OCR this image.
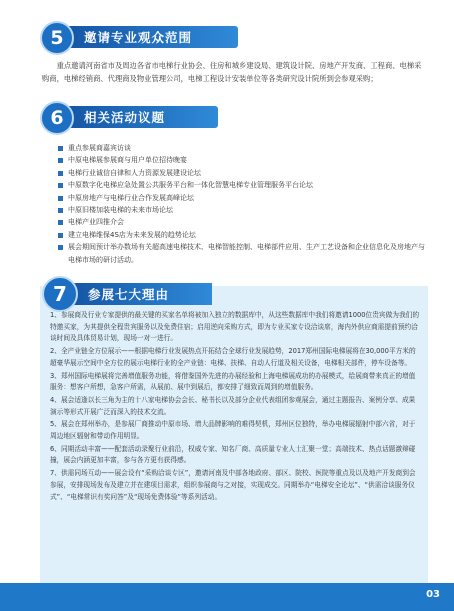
5	邀请专业观众范围
重点邀请河南省市及周边各省市电梯行业协会、住房和城乡建设局、建筑设计院、房地产开发商、工程商、电梯采购商，电梯经销商、代理商及物业管理公司，电梯工程设计安装单位等各类研究设计院所到会参观采购；
6	相关活动议题
重点参展商嘉宾访谈
中原电梯展参展商与用户单位招待晚宴
电梯行业诚信自律和人力资源发展建设论坛
中原数字化电梯应急处置公共服务平台和一体化智慧电梯专业管理服务平台论坛
中原房地产与电梯行业合作发展高峰论坛
中原旧楼加装电梯的未来市场论坛
电梯产业四推介会
建立电梯维保4S店为未来发展的趋势论坛
展会期间预计举办数场有关超高速电梯技术、电梯智能控制、电梯部件应用、生产工艺设备和企业信息化及房地产与电梯市场的研讨活动。
7	参展七大理由

1、参展商及行业专家提供的最关键的买家名单将被加入独立的数据库中，从这些数据库中我们将邀请1000位贵宾做为我们的特邀买家，为其提供全程贵宾服务以及免费住宿；启用逆向采购方式，即为专业买家专设洽谈席，海内外供应商需提前预约洽谈时间及具体贸易计划，现场一对一进行。

2、全产业链全方位展示——根据电梯行业发展热点开拓结合全球行业发展趋势，2017郑州国际电梯展将在30,000平方米的超豪华展示空间中全方位的展示电梯行业的全产业链：电梯、扶梯、自动人行道及相关设备，电梯相关部件，停车设备等。

3、郑州国际电梯展将完善增值服务功能，将借鉴国外先进的办展经验和上海电梯展成功的办展模式，给展商带来真正的增值服务：想客户所想，急客户所需，从展前、展中到展后，都安排了细致而周到的增值服务。

4、展会适逢以长三角为主的十八家电梯协会会长、秘书长以及部分企业代表组团参观展会，通过主题报告、案例分享、成果演示等形式开展广泛而深入的技术交流。

5、展会在郑州举办，是参展厂商推动中原市场、增大品牌影响的难得契机，郑州区位独特，举办电梯展辐射中部六省，对于周边地区辐射和带动作用明显。

6、同期活动丰富——配套活动录聚行业前沿，权威专家、知名厂商、高质量专业人士汇聚一堂；高端技术、热点话题激辩碰撞，展会内涵更加丰富，参与各方更有获得感。

7、供需同场互动——展会设有“采购洽谈专区”，邀请河南及中部各地政府、部区、院校、医院等重点及以及地产开发商到会参展，安排现场发布及建立并在建项目需求，组织参展商与之对接，实现成交。同期举办“电梯安全论坛”、“供需洽谈服务仪式”、“电梯常识有奖问答”及“现场免费体验”等系列活动。

03
